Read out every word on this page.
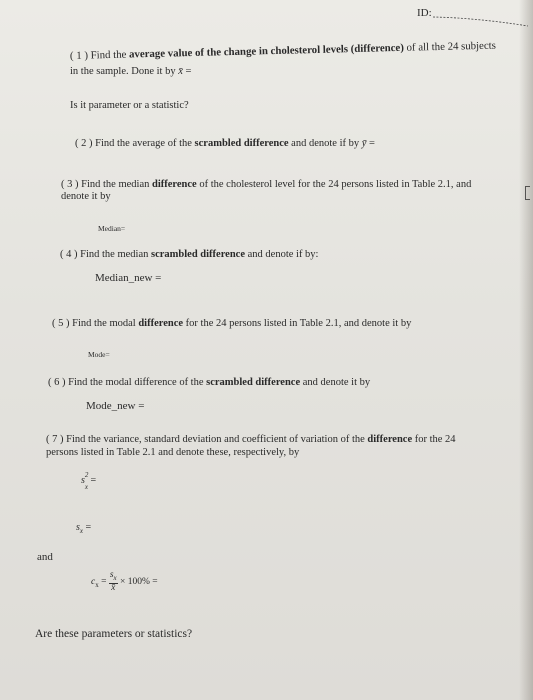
ID:
( 1 ) Find the average value of the change in cholesterol levels (difference) of all the 24 subjects
in the sample. Done it by x̄ =
Is it parameter or a statistic?
( 2 ) Find the average of the scrambled difference and denote if by ȳ =
( 3 ) Find the median difference of the cholesterol level for the 24 persons listed in Table 2.1, and
denote it by
Median=
( 4 ) Find the median scrambled difference and denote if by:
Median_new =
( 5 ) Find the modal difference for the 24 persons listed in Table 2.1, and denote it by
Mode=
( 6 ) Find the modal difference of the scrambled difference and denote it by
Mode_new =
( 7 ) Find the variance, standard deviation and coefficient of variation of the difference for the 24
persons listed in Table 2.1 and denote these, respectively, by
s 2
$_x$ =
$s_x$ =
and
$c_x = \frac{s_x}{x̄} \times 100\%$ =
Are these parameters or statistics?
